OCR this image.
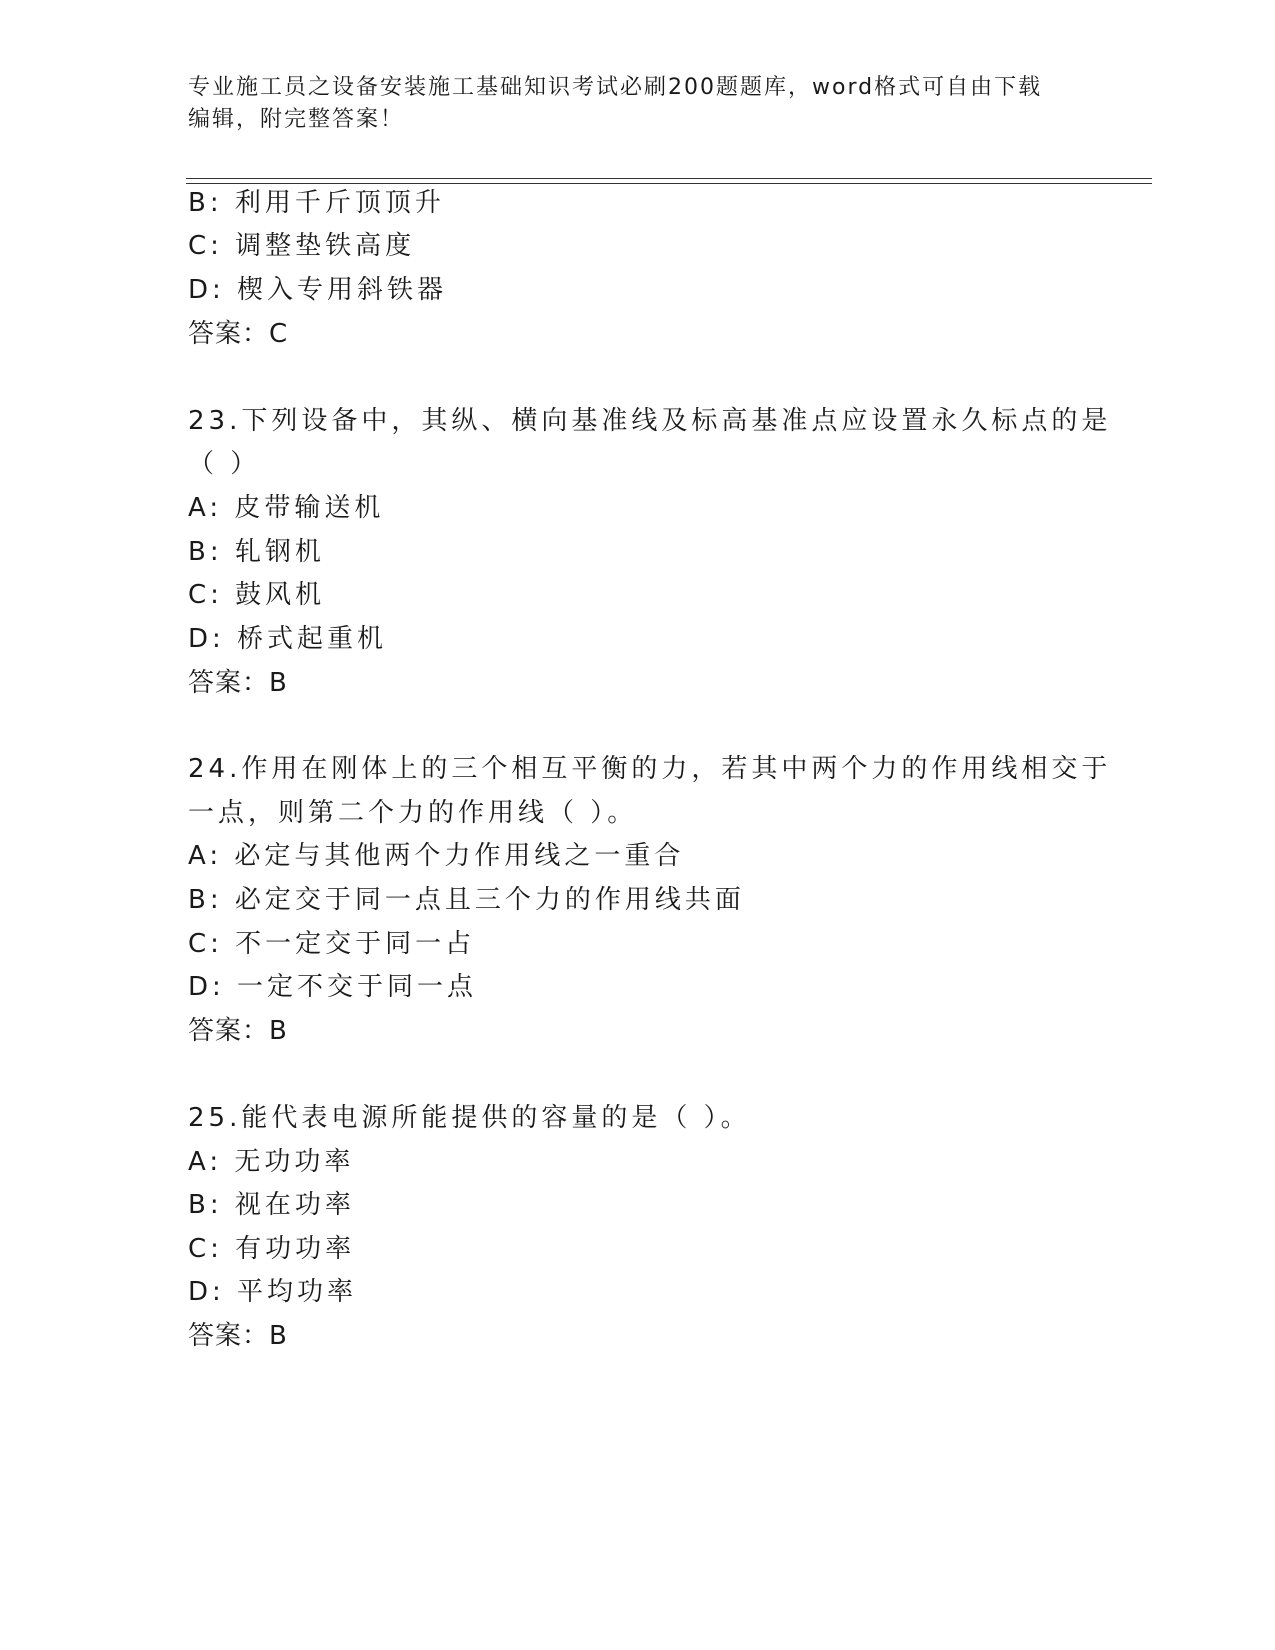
专业施工员之设备安装施工基础知识考试必刷200题题库，word格式可自由下载
编辑，附完整答案！
B: 利用千斤顶顶升
C: 调整垫铁高度
D: 楔入专用斜铁器
答案：C
23.下列设备中，其纵、横向基准线及标高基准点应设置永久标点的是
（ ）
A: 皮带输送机
B: 轧钢机
C: 鼓风机
D: 桥式起重机
答案：B
24.作用在刚体上的三个相互平衡的力，若其中两个力的作用线相交于
一点，则第二个力的作用线（ ）。
A: 必定与其他两个力作用线之一重合
B: 必定交于同一点且三个力的作用线共面
C: 不一定交于同一占
D: 一定不交于同一点
答案：B
25.能代表电源所能提供的容量的是（ ）。
A: 无功功率
B: 视在功率
C: 有功功率
D: 平均功率
答案：B
